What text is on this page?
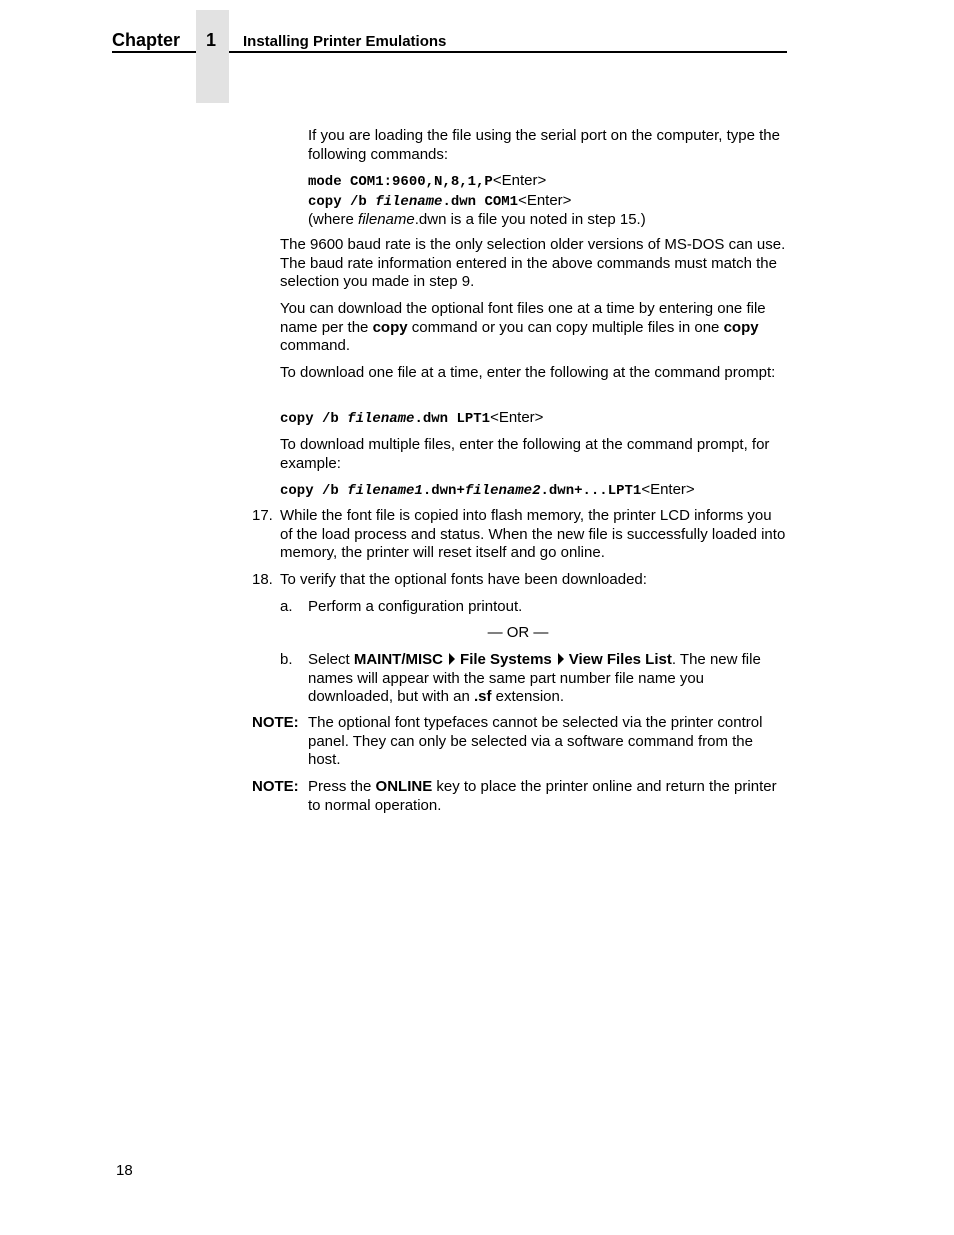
Chapter	1	Installing Printer Emulations
If you are loading the file using the serial port on the computer, type the following commands:
mode COM1:9600,N,8,1,P<Enter>
copy /b filename.dwn COM1<Enter>
(where filename.dwn is a file you noted in step 15.)
The 9600 baud rate is the only selection older versions of MS-DOS can use. The baud rate information entered in the above commands must match the selection you made in step 9.
You can download the optional font files one at a time by entering one file name per the copy command or you can copy multiple files in one copy command.
To download one file at a time, enter the following at the command prompt:
copy /b filename.dwn LPT1<Enter>
To download multiple files, enter the following at the command prompt, for example:
copy /b filename1.dwn+filename2.dwn+...LPT1<Enter>
17. While the font file is copied into flash memory, the printer LCD informs you of the load process and status. When the new file is successfully loaded into memory, the printer will reset itself and go online.
18. To verify that the optional fonts have been downloaded:
a. Perform a configuration printout.
— OR —
b. Select MAINT/MISC File Systems View Files List. The new file names will appear with the same part number file name you downloaded, but with an .sf extension.
NOTE: The optional font typefaces cannot be selected via the printer control panel. They can only be selected via a software command from the host.
NOTE: Press the ONLINE key to place the printer online and return the printer to normal operation.
18
